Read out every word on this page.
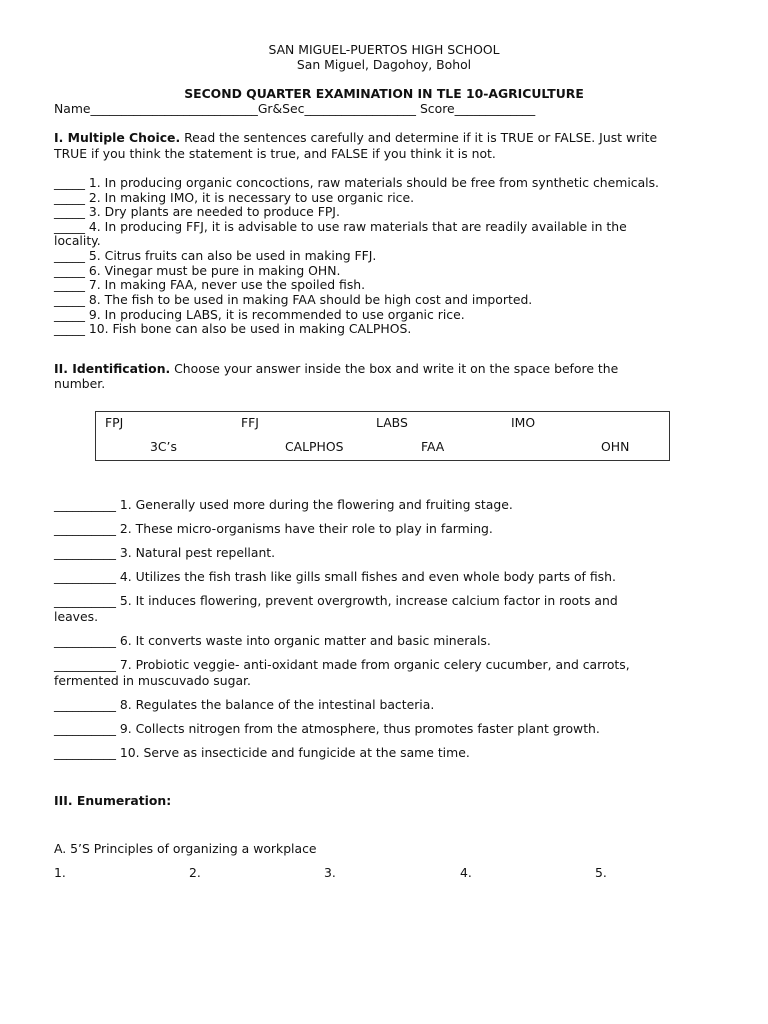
SAN MIGUEL-PUERTOS HIGH SCHOOL
San Miguel, Dagohoy, Bohol
SECOND QUARTER EXAMINATION IN TLE 10-AGRICULTURE
Name___________________________Gr&Sec__________________ Score_____________
I. Multiple Choice. Read the sentences carefully and determine if it is TRUE or FALSE. Just write
TRUE if you think the statement is true, and FALSE if you think it is not.
_____ 1. In producing organic concoctions, raw materials should be free from synthetic chemicals.
_____ 2. In making IMO, it is necessary to use organic rice.
_____ 3. Dry plants are needed to produce FPJ.
_____ 4. In producing FFJ, it is advisable to use raw materials that are readily available in the
locality.
_____ 5. Citrus fruits can also be used in making FFJ.
_____ 6. Vinegar must be pure in making OHN.
_____ 7. In making FAA, never use the spoiled fish.
_____ 8. The fish to be used in making FAA should be high cost and imported.
_____ 9. In producing LABS, it is recommended to use organic rice.
_____ 10. Fish bone can also be used in making CALPHOS.
II. Identification. Choose your answer inside the box and write it on the space before the
number.
FPJ	FFJ	LABS	IMO
3C’s	CALPHOS	FAA	OHN
__________ 1. Generally used more during the flowering and fruiting stage.
__________ 2. These micro-organisms have their role to play in farming.
__________ 3. Natural pest repellant.
__________ 4. Utilizes the fish trash like gills small fishes and even whole body parts of fish.
__________ 5. It induces flowering, prevent overgrowth, increase calcium factor in roots and
leaves.
__________ 6. It converts waste into organic matter and basic minerals.
__________ 7. Probiotic veggie- anti-oxidant made from organic celery cucumber, and carrots,
fermented in muscuvado sugar.
__________ 8. Regulates the balance of the intestinal bacteria.
__________ 9. Collects nitrogen from the atmosphere, thus promotes faster plant growth.
__________ 10. Serve as insecticide and fungicide at the same time.
III. Enumeration:
A. 5’S Principles of organizing a workplace
1.	2.	3.	4.	5.
